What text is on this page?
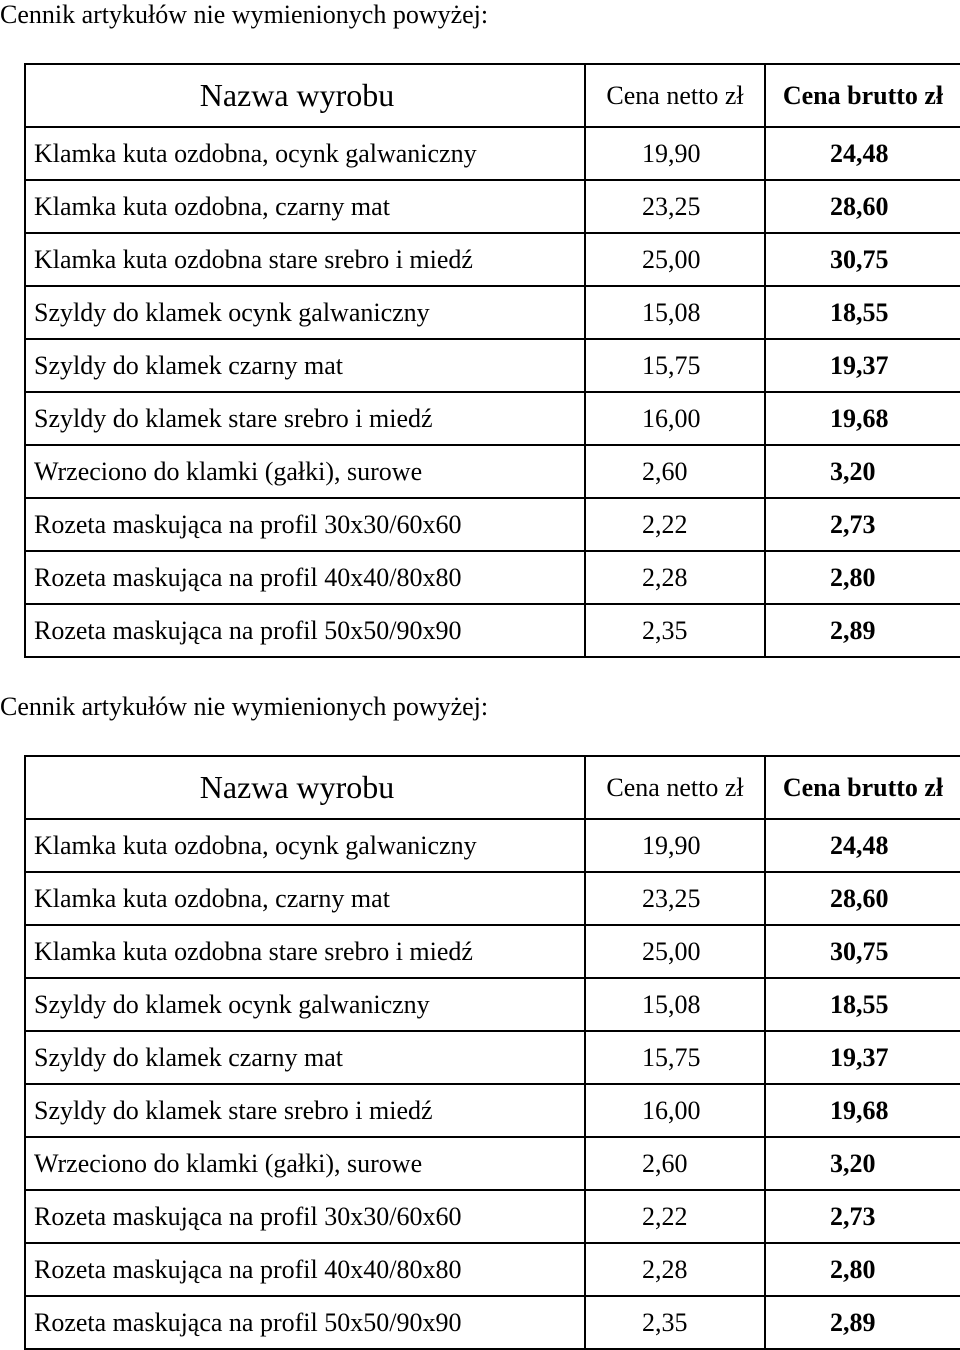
Cennik artykułów nie wymienionych powyżej:
Nazwa wyrobu	Cena netto zł	Cena brutto zł
Klamka kuta ozdobna, ocynk galwaniczny	19,90	24,48
Klamka kuta ozdobna, czarny mat	23,25	28,60
Klamka kuta ozdobna stare srebro i miedź	25,00	30,75
Szyldy do klamek ocynk galwaniczny	15,08	18,55
Szyldy do klamek czarny mat	15,75	19,37
Szyldy do klamek stare srebro i miedź	16,00	19,68
Wrzeciono do klamki (gałki), surowe	2,60	3,20
Rozeta maskująca na profil 30x30/60x60	2,22	2,73
Rozeta maskująca na profil 40x40/80x80	2,28	2,80
Rozeta maskująca na profil 50x50/90x90	2,35	2,89
Cennik artykułów nie wymienionych powyżej:
Nazwa wyrobu	Cena netto zł	Cena brutto zł
Klamka kuta ozdobna, ocynk galwaniczny	19,90	24,48
Klamka kuta ozdobna, czarny mat	23,25	28,60
Klamka kuta ozdobna stare srebro i miedź	25,00	30,75
Szyldy do klamek ocynk galwaniczny	15,08	18,55
Szyldy do klamek czarny mat	15,75	19,37
Szyldy do klamek stare srebro i miedź	16,00	19,68
Wrzeciono do klamki (gałki), surowe	2,60	3,20
Rozeta maskująca na profil 30x30/60x60	2,22	2,73
Rozeta maskująca na profil 40x40/80x80	2,28	2,80
Rozeta maskująca na profil 50x50/90x90	2,35	2,89
